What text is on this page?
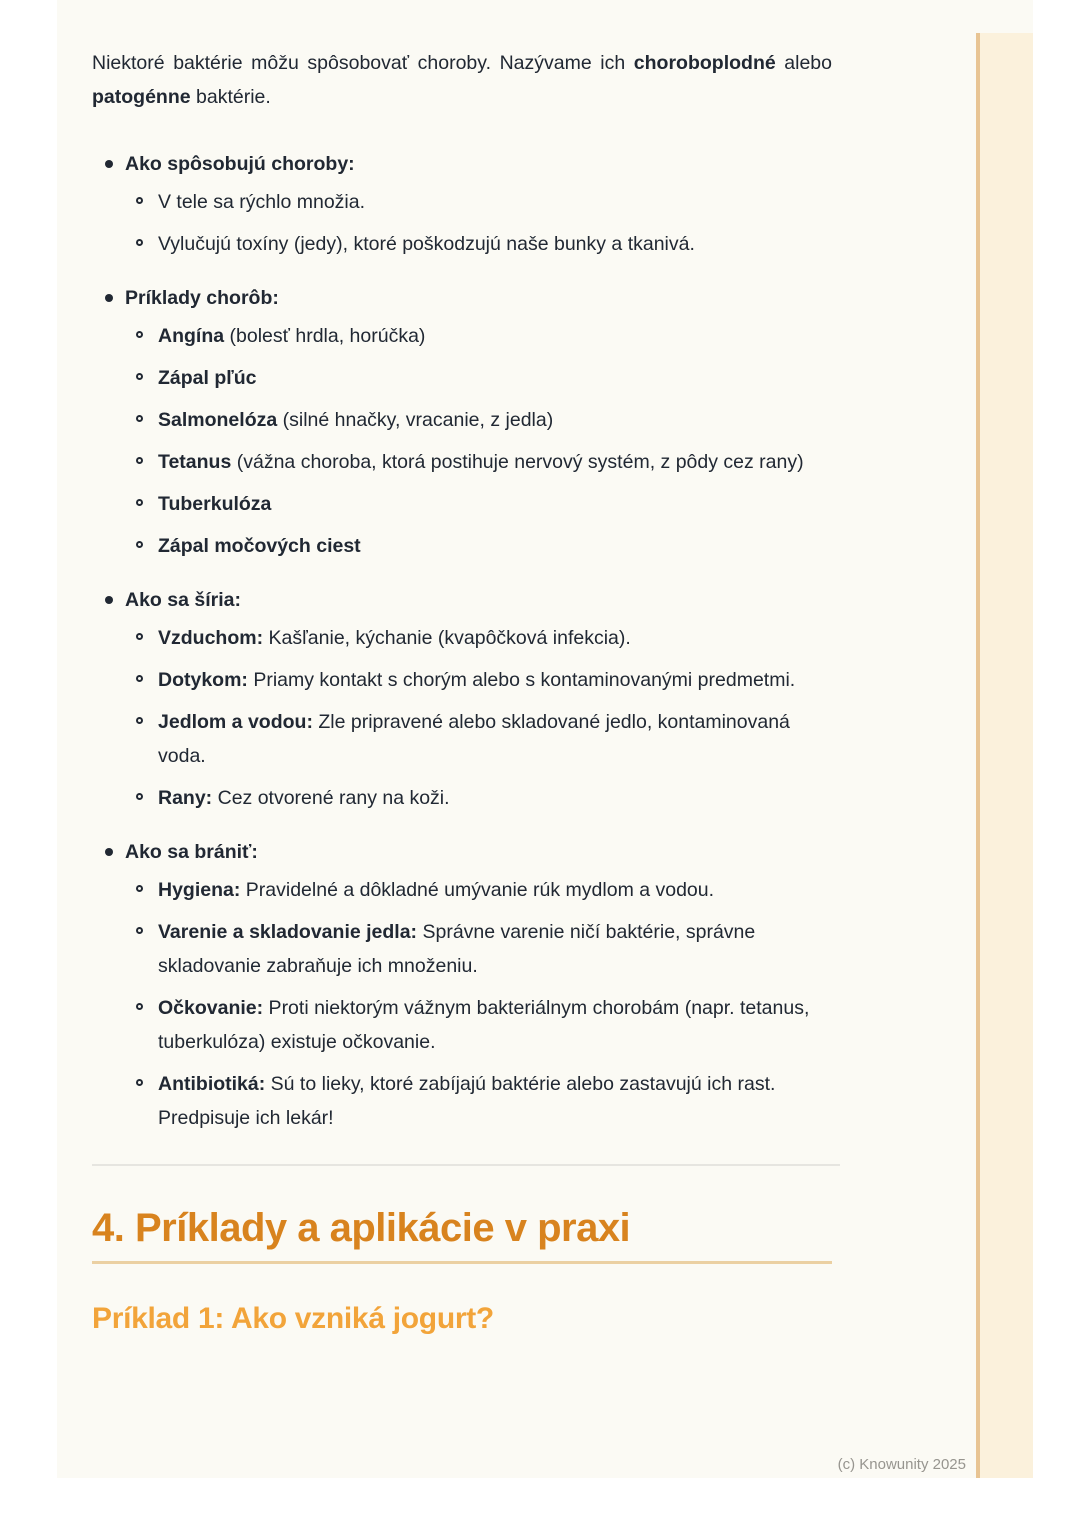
Niektoré baktérie môžu spôsobovať choroby. Nazývame ich choroboplodné alebo patogénne baktérie.

Ako spôsobujú choroby:
V tele sa rýchlo množia.
Vylučujú toxíny (jedy), ktoré poškodzujú naše bunky a tkanivá.
Príklady chorôb:
Angína (bolesť hrdla, horúčka)
Zápal pľúc
Salmonelóza (silné hnačky, vracanie, z jedla)
Tetanus (vážna choroba, ktorá postihuje nervový systém, z pôdy cez rany)
Tuberkulóza
Zápal močových ciest
Ako sa šíria:
Vzduchom: Kašľanie, kýchanie (kvapôčková infekcia).
Dotykom: Priamy kontakt s chorým alebo s kontaminovanými predmetmi.
Jedlom a vodou: Zle pripravené alebo skladované jedlo, kontaminovaná voda.
Rany: Cez otvorené rany na koži.
Ako sa brániť:
Hygiena: Pravidelné a dôkladné umývanie rúk mydlom a vodou.
Varenie a skladovanie jedla: Správne varenie ničí baktérie, správne skladovanie zabraňuje ich množeniu.
Očkovanie: Proti niektorým vážnym bakteriálnym chorobám (napr. tetanus, tuberkulóza) existuje očkovanie.
Antibiotiká: Sú to lieky, ktoré zabíjajú baktérie alebo zastavujú ich rast. Predpisuje ich lekár!
4. Príklady a aplikácie v praxi
Príklad 1: Ako vzniká jogurt?
(c) Knowunity 2025
